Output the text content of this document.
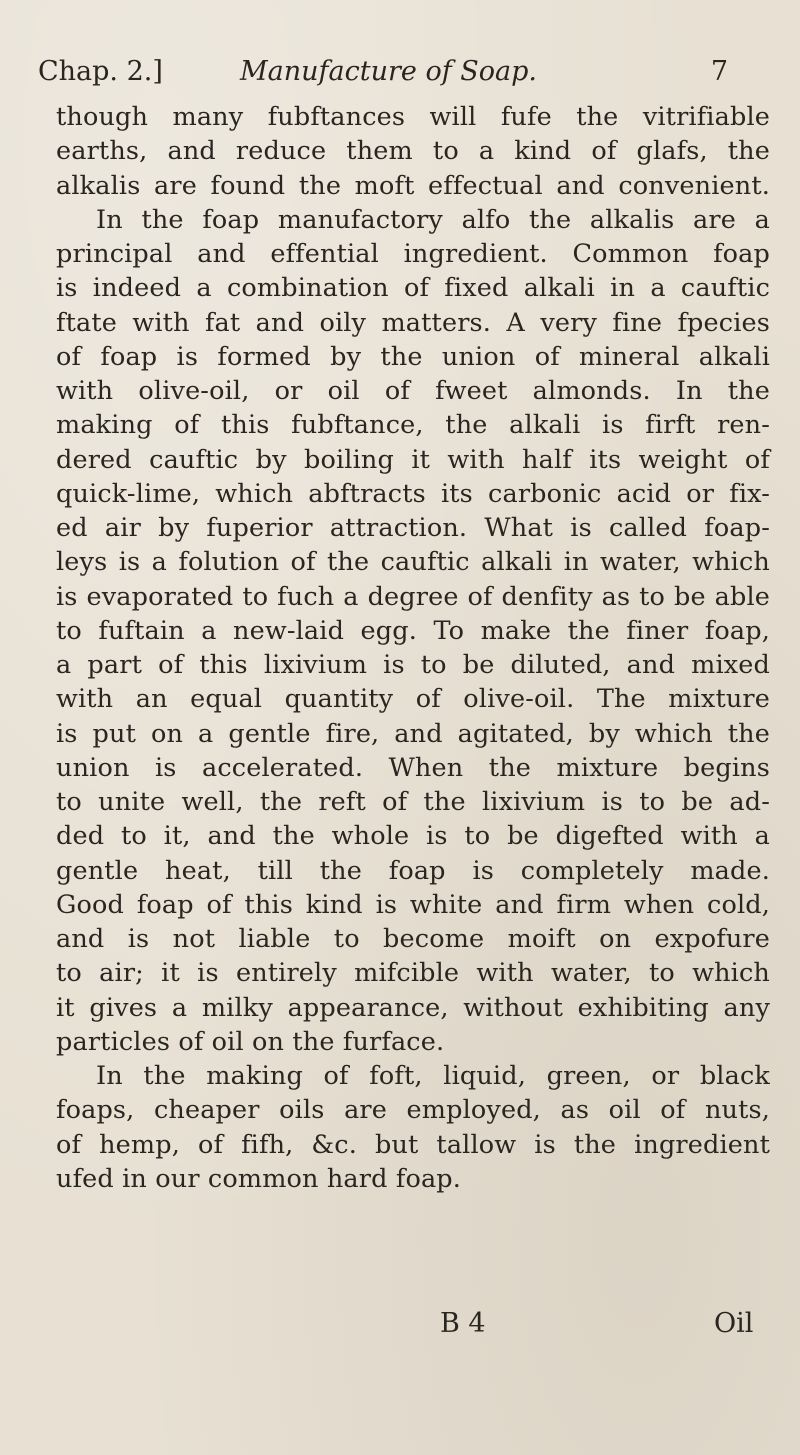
Chap. 2.]	Manufacture of Soap.	7
though many fubftances will fufe the vitrifiable
earths, and reduce them to a kind of glafs, the
alkalis are found the moft effectual and convenient.
In the foap manufactory alfo the alkalis are a
principal and effential ingredient. Common foap
is indeed a combination of fixed alkali in a cauftic
ftate with fat and oily matters. A very fine fpecies
of foap is formed by the union of mineral alkali
with olive-oil, or oil of fweet almonds. In the
making of this fubftance, the alkali is firft ren-
dered cauftic by boiling it with half its weight of
quick-lime, which abftracts its carbonic acid or fix-
ed air by fuperior attraction. What is called foap-
leys is a folution of the cauftic alkali in water, which
is evaporated to fuch a degree of denfity as to be able
to fuftain a new-laid egg. To make the finer foap,
a part of this lixivium is to be diluted, and mixed
with an equal quantity of olive-oil. The mixture
is put on a gentle fire, and agitated, by which the
union is accelerated. When the mixture begins
to unite well, the reft of the lixivium is to be ad-
ded to it, and the whole is to be digefted with a
gentle heat, till the foap is completely made.
Good foap of this kind is white and firm when cold,
and is not liable to become moift on expofure
to air; it is entirely mifcible with water, to which
it gives a milky appearance, without exhibiting any
particles of oil on the furface.
In the making of foft, liquid, green, or black
foaps, cheaper oils are employed, as oil of nuts,
of hemp, of fifh, &c. but tallow is the ingredient
ufed in our common hard foap.
B 4	Oil
